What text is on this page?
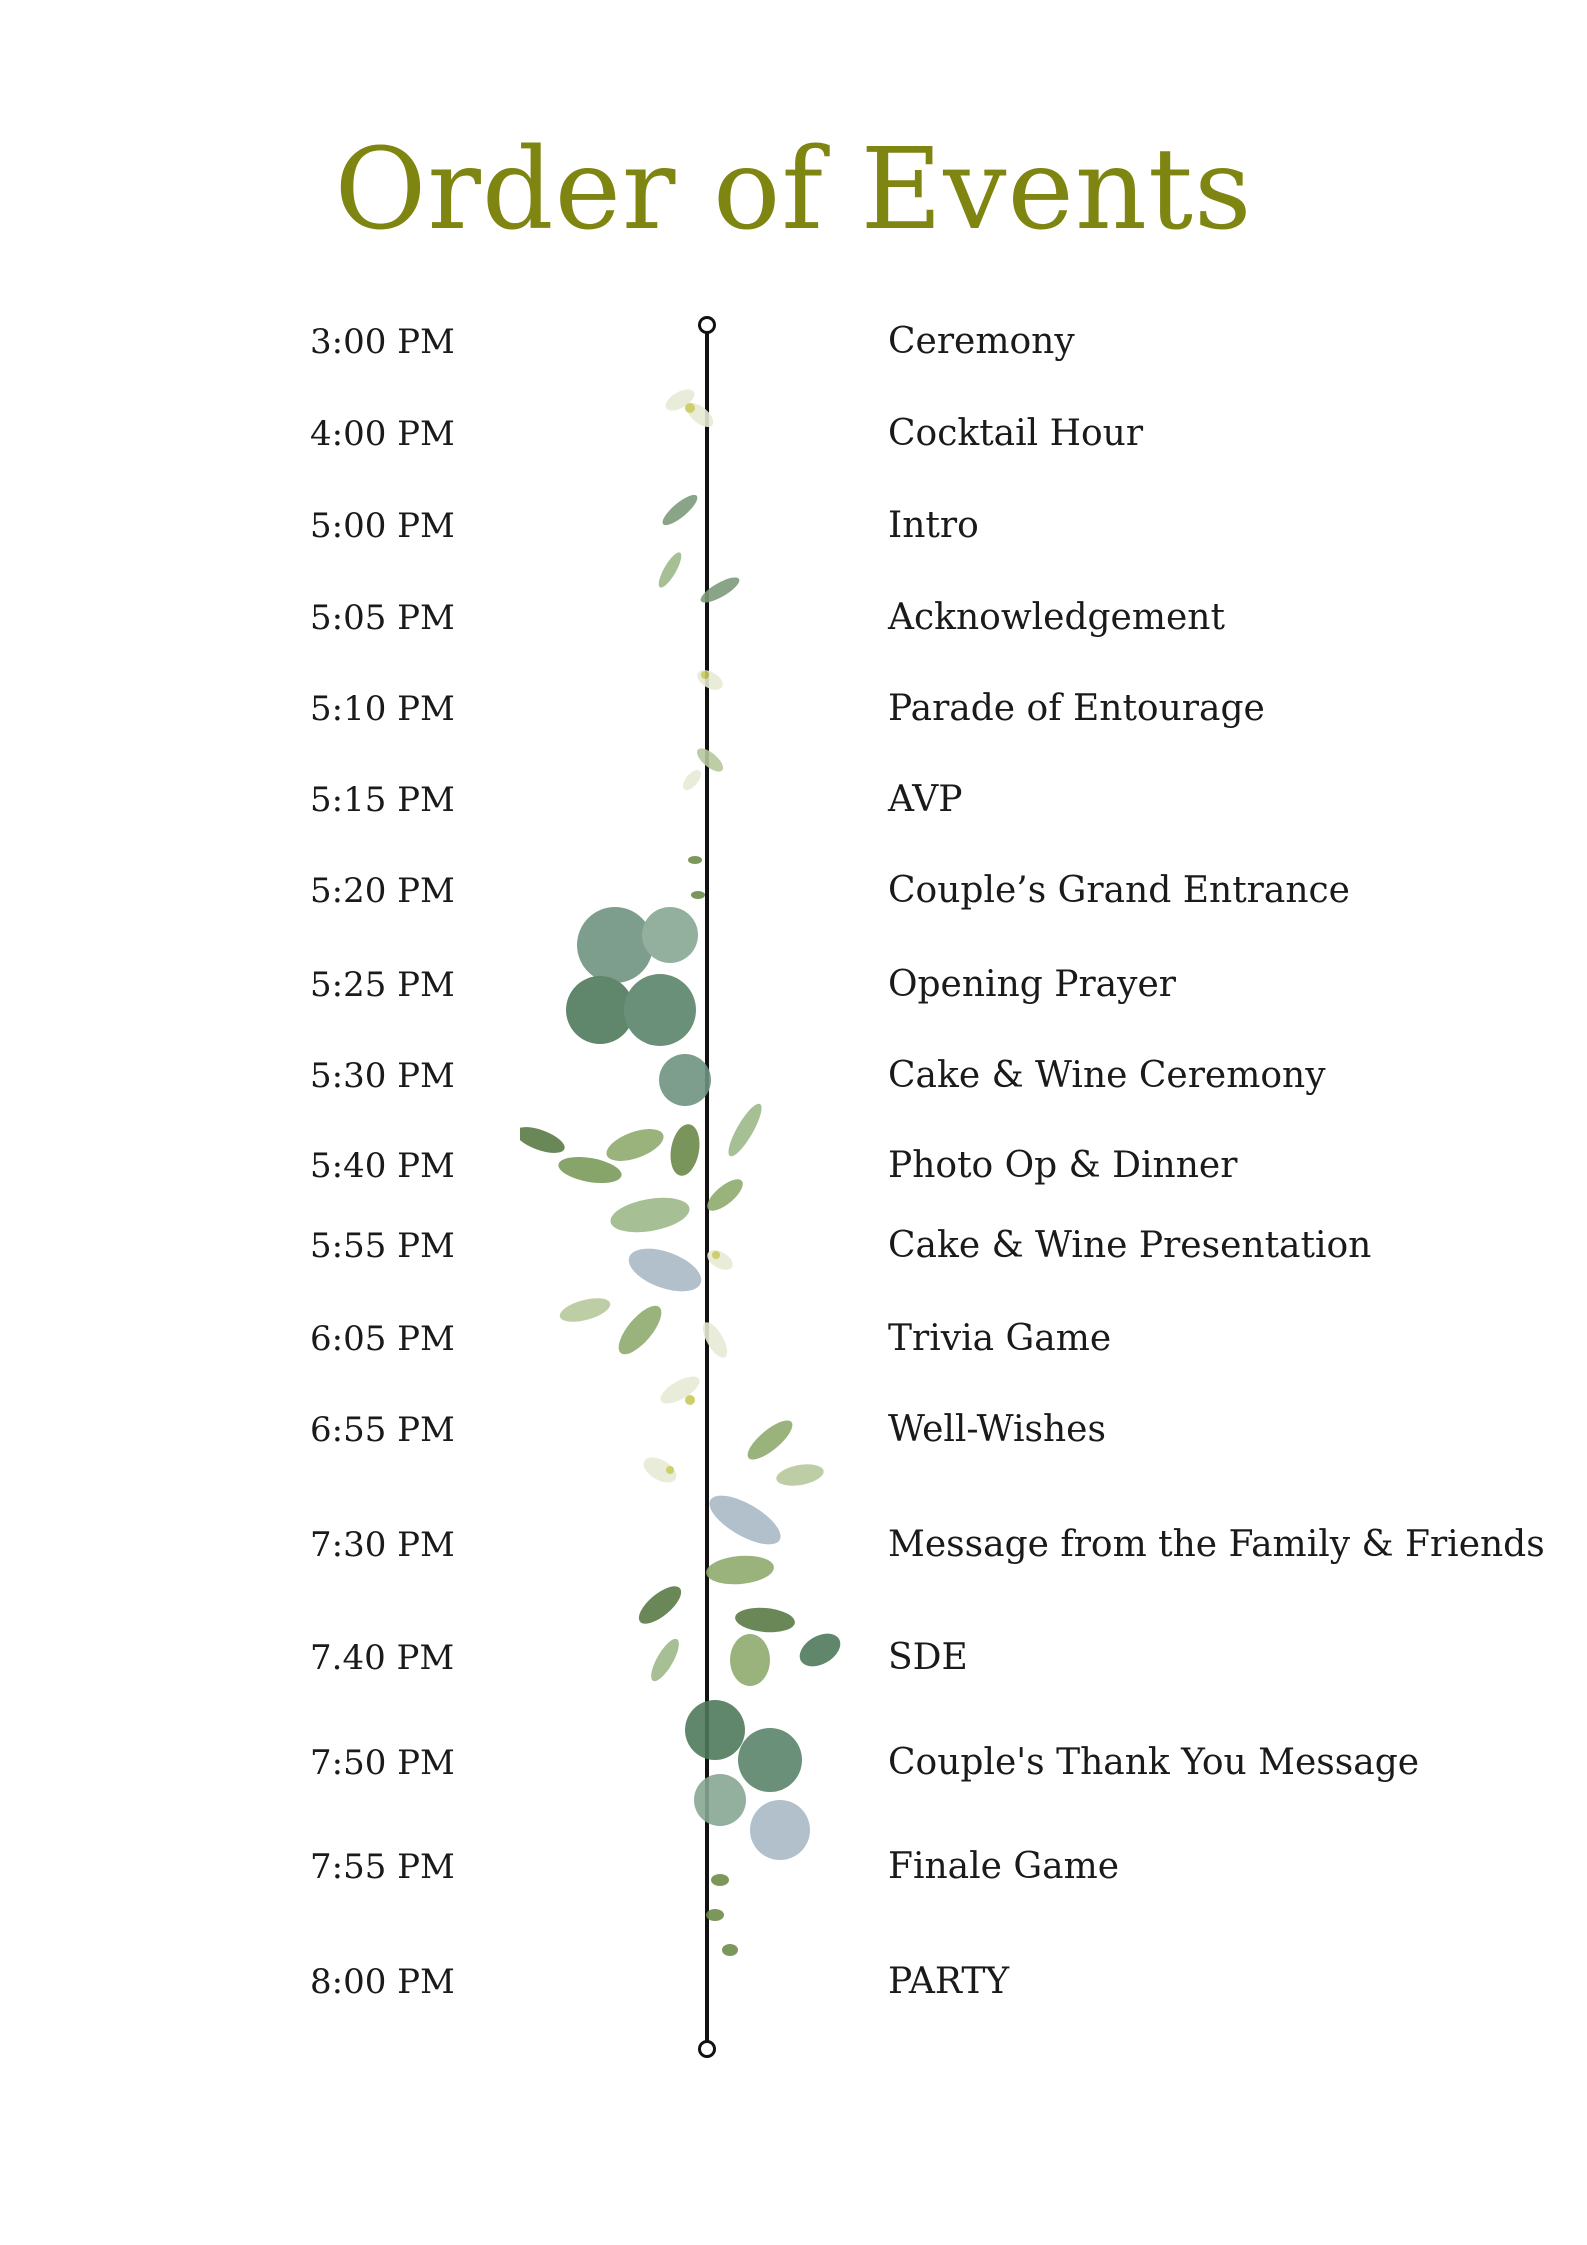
Order of Events
3:00 PM	Ceremony
4:00 PM	Cocktail Hour
5:00 PM	Intro
5:05 PM	Acknowledgement
5:10 PM	Parade of Entourage
5:15 PM	AVP
5:20 PM	Couple’s Grand Entrance
5:25 PM	Opening Prayer
5:30 PM	Cake & Wine Ceremony
5:40 PM	Photo Op & Dinner
5:55 PM	Cake & Wine Presentation
6:05 PM	Trivia Game
6:55 PM	Well-Wishes
7:30 PM	Message from the Family & Friends
7.40 PM	SDE
7:50 PM	Couple's Thank You Message
7:55 PM	Finale Game
8:00 PM	PARTY
